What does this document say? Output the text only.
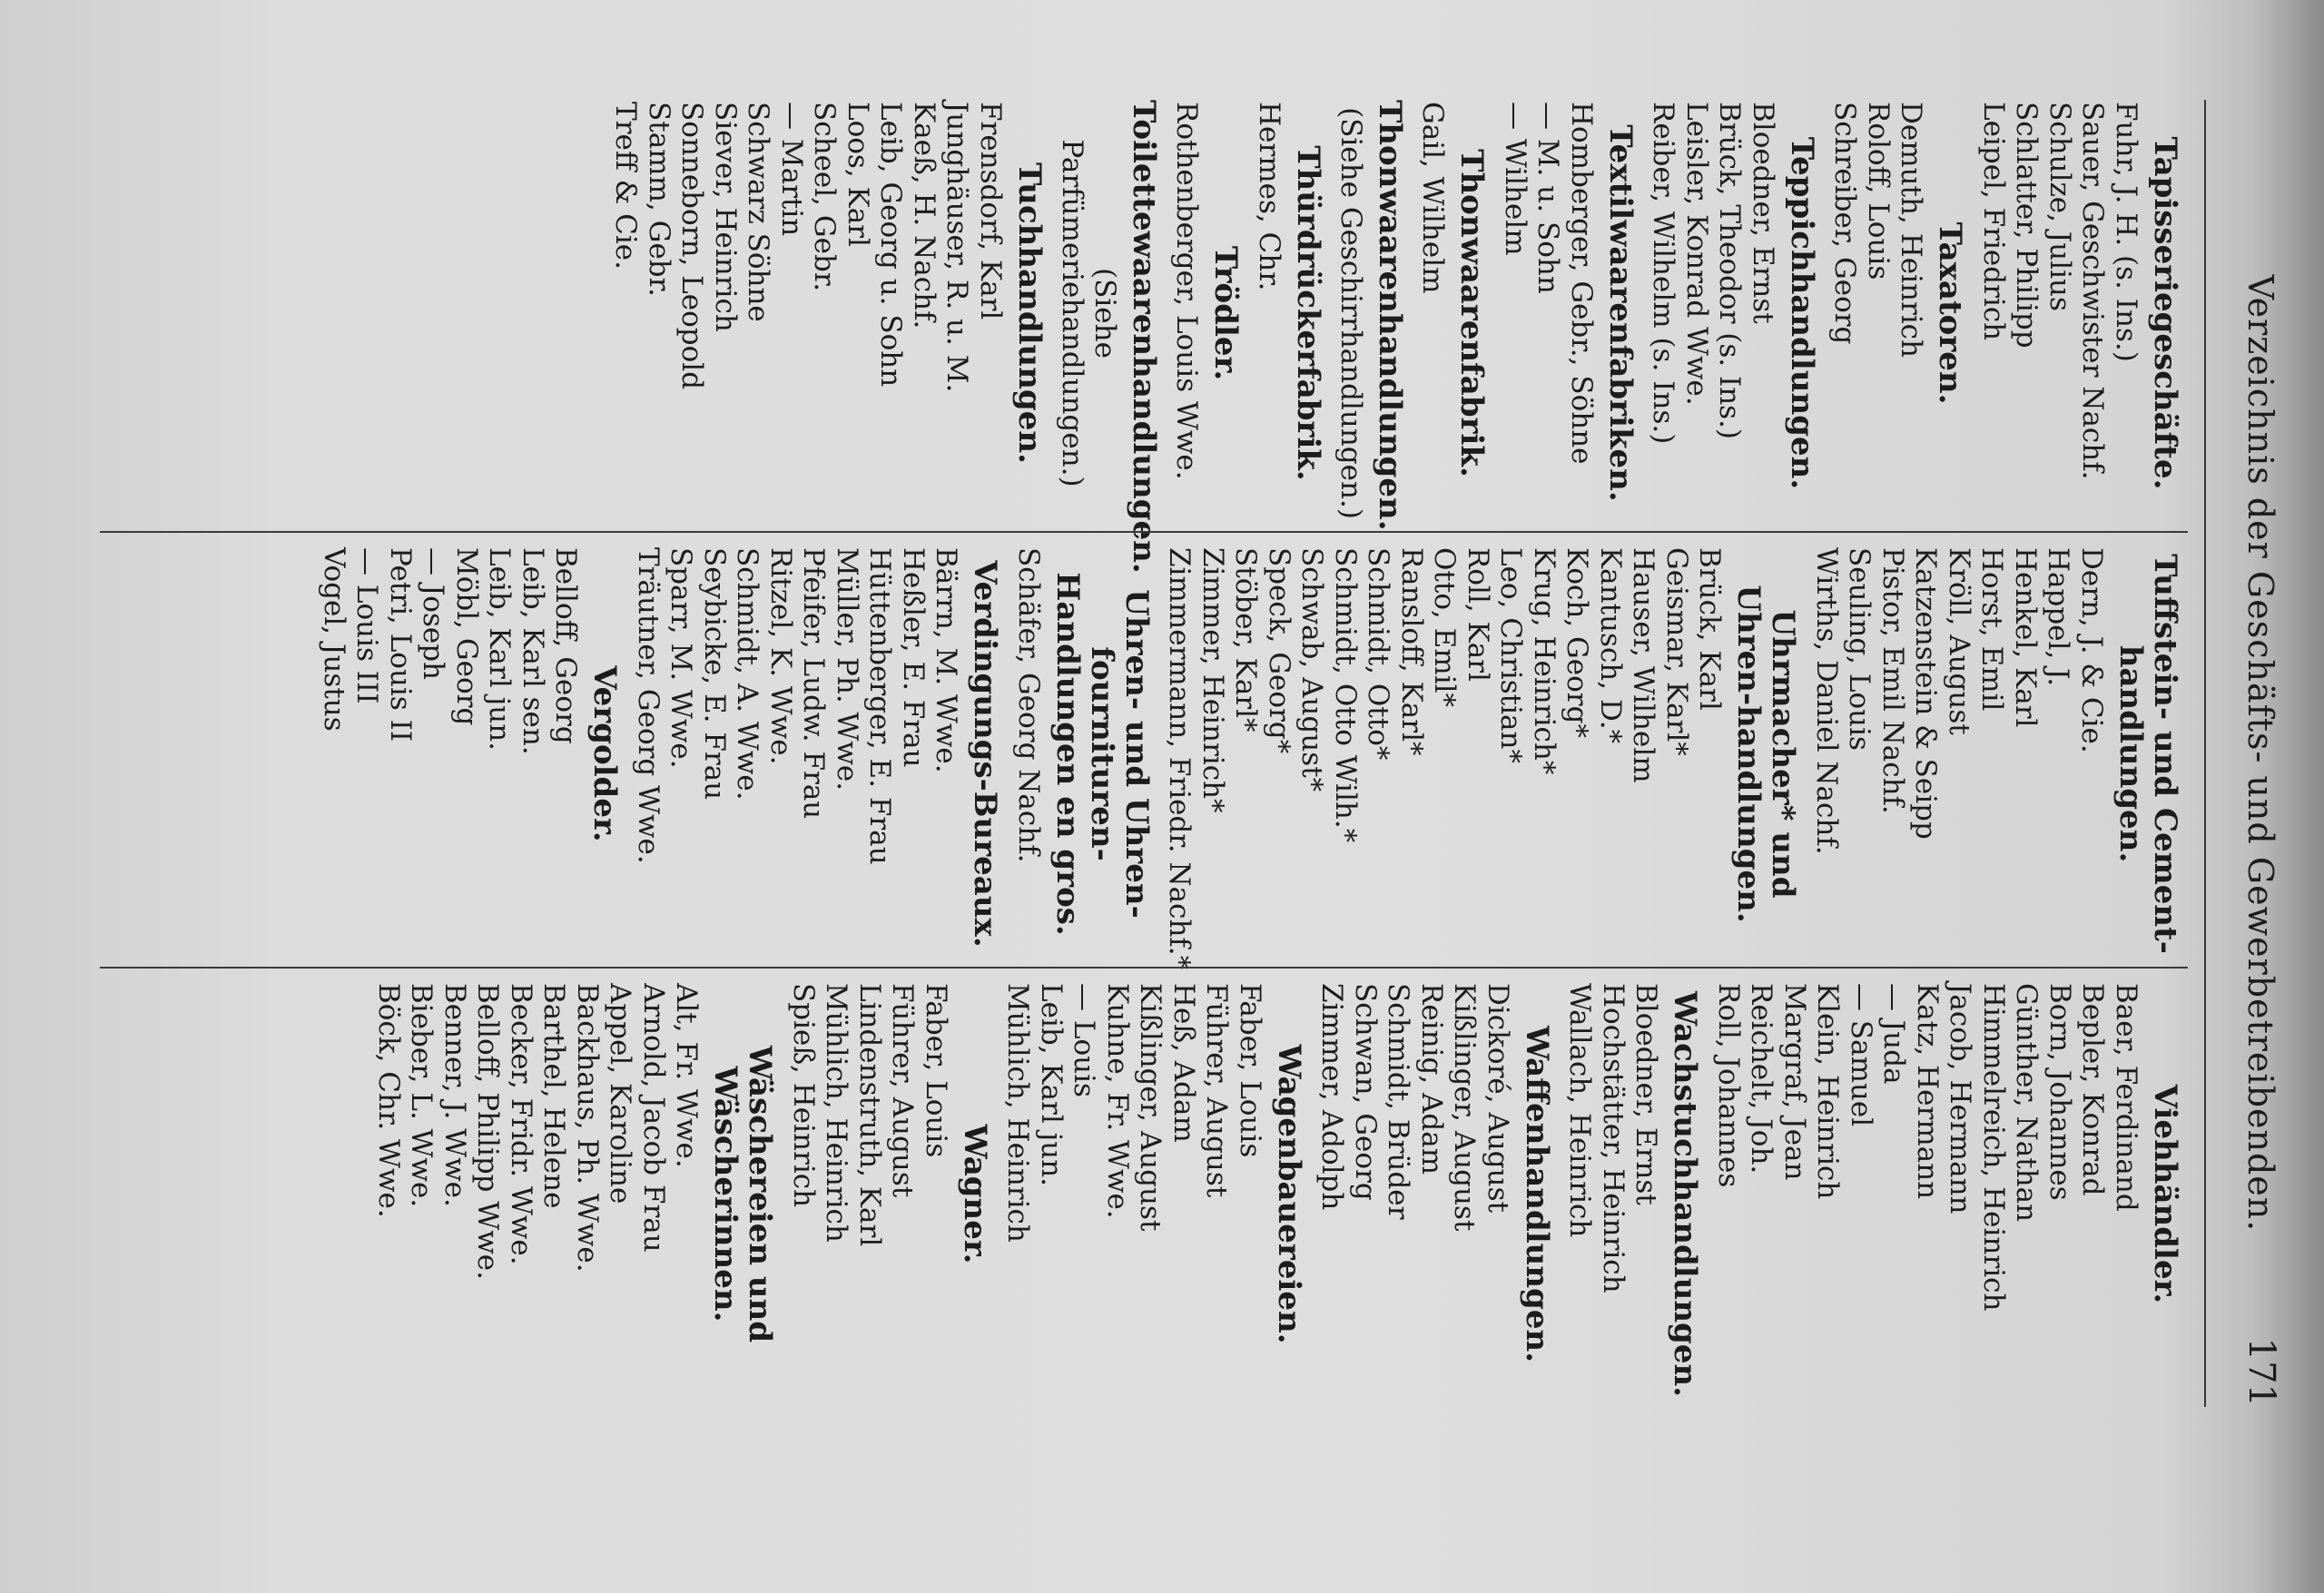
Verzeichnis der Geschäfts- und Gewerbetreibenden.
171
Tapisseriegeschäfte.
Fuhr, J. H. (s. Ins.)
Sauer, Geschwister Nachf.
Schulze, Julius
Schlatter, Philipp
Leipel, Friedrich
Taxatoren.
Demuth, Heinrich
Roloff, Louis
Schreiber, Georg
Teppichhandlungen.
Bloedner, Ernst
Brück, Theodor (s. Ins.)
Leisler, Konrad Wwe.
Reiber, Wilhelm (s. Ins.)
Textilwaarenfabriken.
Homberger, Gebr., Söhne
— M. u. Sohn
— Wilhelm
Thonwaarenfabrik.
Gail, Wilhelm
Thonwaarenhandlungen.
(Siehe Geschirrhandlungen.)
Thürdrückerfabrik.
Hermes, Chr.
Trödler.
Rothenberger, Louis Wwe.
Toilettewaarenhandlungen.
(Siehe Parfümeriehandlungen.)
Tuchhandlungen.
Frensdorf, Karl
Junghäuser, R. u. M.
Kaeß, H. Nachf.
Leib, Georg u. Sohn
Loos, Karl
Scheel, Gebr.
— Martin
Schwarz Söhne
Siever, Heinrich
Sonneborn, Leopold
Stamm, Gebr.
Treff & Cie.
Tuffstein- und Cement-handlungen.
Dern, J. & Cie.
Happel, J.
Henkel, Karl
Horst, Emil
Kröll, August
Katzenstein & Seipp
Pistor, Emil Nachf.
Seuling, Louis
Wirths, Daniel Nachf.
Uhrmacher* und Uhren-handlungen.
Brück, Karl
Geismar, Karl*
Hauser, Wilhelm
Kantusch, D.*
Koch, Georg*
Krug, Heinrich*
Leo, Christian*
Roll, Karl
Otto, Emil*
Ransloff, Karl*
Schmidt, Otto*
Schmidt, Otto Wilh.*
Schwab, August*
Speck, Georg*
Stöber, Karl*
Zimmer, Heinrich*
Zimmermann, Friedr. Nachf.*
Uhren- und Uhren-fournituren-Handlungen en gros.
Schäfer, Georg Nachf.
Verdingungs-Bureaux.
Bärrn, M. Wwe.
Heßler, E. Frau
Hüttenberger, E. Frau
Müller, Ph. Wwe.
Pfeifer, Ludw. Frau
Ritzel, K. Wwe.
Schmidt, A. Wwe.
Seybicke, E. Frau
Sparr, M. Wwe.
Träutner, Georg Wwe.
Vergolder.
Belloff, Georg
Leib, Karl sen.
Leib, Karl jun.
Möbl, Georg
— Joseph
Petri, Louis II
— Louis III
Vogel, Justus
Viehhändler.
Baer, Ferdinand
Bepler, Konrad
Born, Johannes
Günther, Nathan
Himmelreich, Heinrich
Jacob, Hermann
Katz, Hermann
— Juda
— Samuel
Klein, Heinrich
Margraf, Jean
Reichelt, Joh.
Roll, Johannes
Wachstuchhandlungen.
Bloedner, Ernst
Hochstätter, Heinrich
Wallach, Heinrich
Waffenhandlungen.
Dickoré, August
Kißlinger, August
Reinig, Adam
Schmidt, Brüder
Schwan, Georg
Zimmer, Adolph
Wagenbauereien.
Faber, Louis
Führer, August
Heß, Adam
Kißlinger, August
Kuhne, Fr. Wwe.
— Louis
Leib, Karl jun.
Mühlich, Heinrich
Wagner.
Faber, Louis
Führer, August
Lindenstruth, Karl
Mühlich, Heinrich
Spieß, Heinrich
Wäschereien und Wäscherinnen.
Alt, Fr. Wwe.
Arnold, Jacob Frau
Appel, Karoline
Backhaus, Ph. Wwe.
Barthel, Helene
Becker, Fridr. Wwe.
Belloff, Philipp Wwe.
Benner, J. Wwe.
Bieber, L. Wwe.
Böck, Chr. Wwe.
